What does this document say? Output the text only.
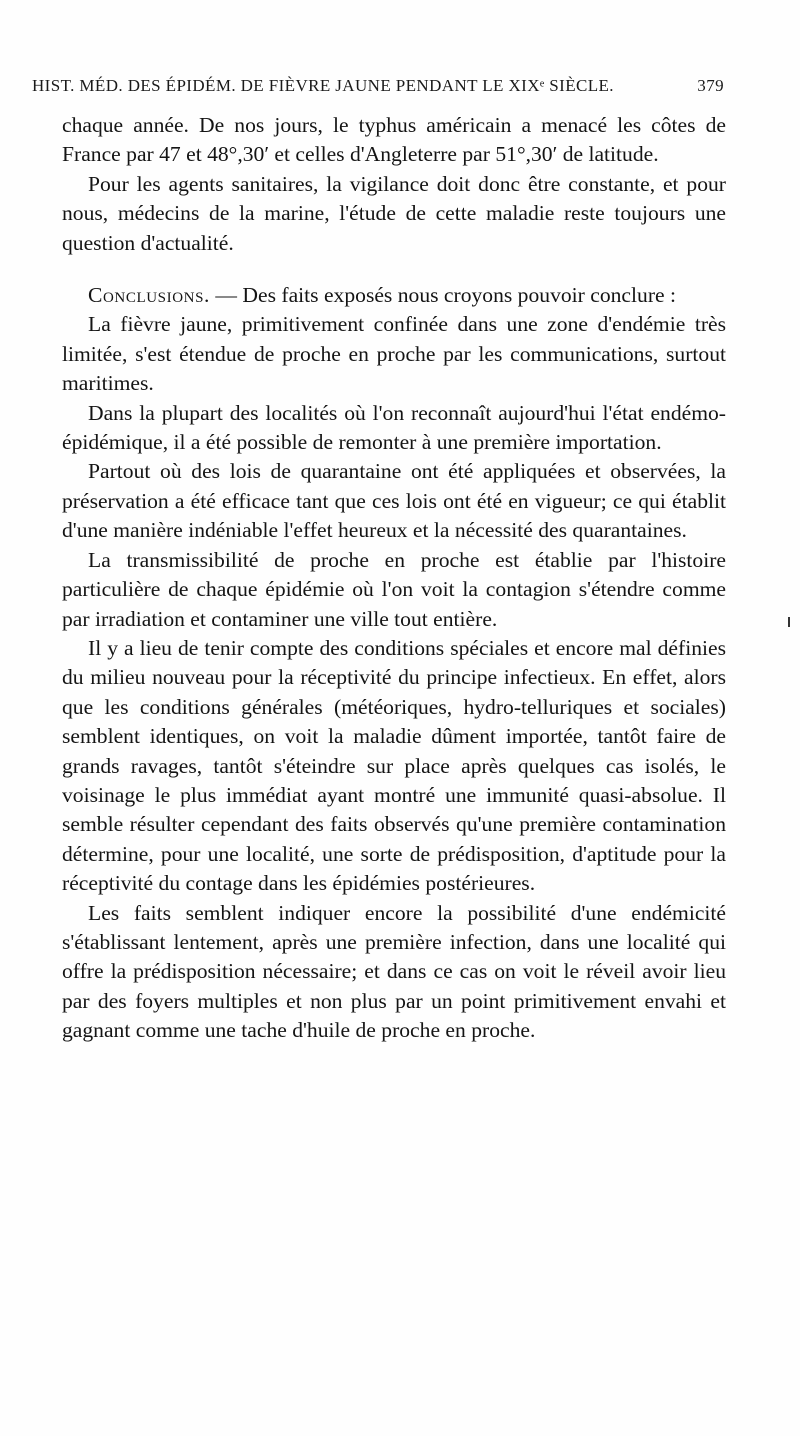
HIST. MÉD. DES ÉPIDÉM. DE FIÈVRE JAUNE PENDANT LE XIXᵉ SIÈCLE.	379

chaque année. De nos jours, le typhus américain a menacé les côtes de France par 47 et 48°,30′ et celles d'Angleterre par 51°,30′ de latitude.

Pour les agents sanitaires, la vigilance doit donc être constante, et pour nous, médecins de la marine, l'étude de cette maladie reste toujours une question d'actualité.

Conclusions. — Des faits exposés nous croyons pouvoir conclure :

La fièvre jaune, primitivement confinée dans une zone d'endémie très limitée, s'est étendue de proche en proche par les communications, surtout maritimes.

Dans la plupart des localités où l'on reconnaît aujourd'hui l'état endémo-épidémique, il a été possible de remonter à une première importation.

Partout où des lois de quarantaine ont été appliquées et observées, la préservation a été efficace tant que ces lois ont été en vigueur; ce qui établit d'une manière indéniable l'effet heureux et la nécessité des quarantaines.

La transmissibilité de proche en proche est établie par l'histoire particulière de chaque épidémie où l'on voit la contagion s'étendre comme par irradiation et contaminer une ville tout entière.

Il y a lieu de tenir compte des conditions spéciales et encore mal définies du milieu nouveau pour la réceptivité du principe infectieux. En effet, alors que les conditions générales (météoriques, hydro-telluriques et sociales) semblent identiques, on voit la maladie dûment importée, tantôt faire de grands ravages, tantôt s'éteindre sur place après quelques cas isolés, le voisinage le plus immédiat ayant montré une immunité quasi-absolue. Il semble résulter cependant des faits observés qu'une première contamination détermine, pour une localité, une sorte de prédisposition, d'aptitude pour la réceptivité du contage dans les épidémies postérieures.

Les faits semblent indiquer encore la possibilité d'une endémicité s'établissant lentement, après une première infection, dans une localité qui offre la prédisposition nécessaire; et dans ce cas on voit le réveil avoir lieu par des foyers multiples et non plus par un point primitivement envahi et gagnant comme une tache d'huile de proche en proche.
